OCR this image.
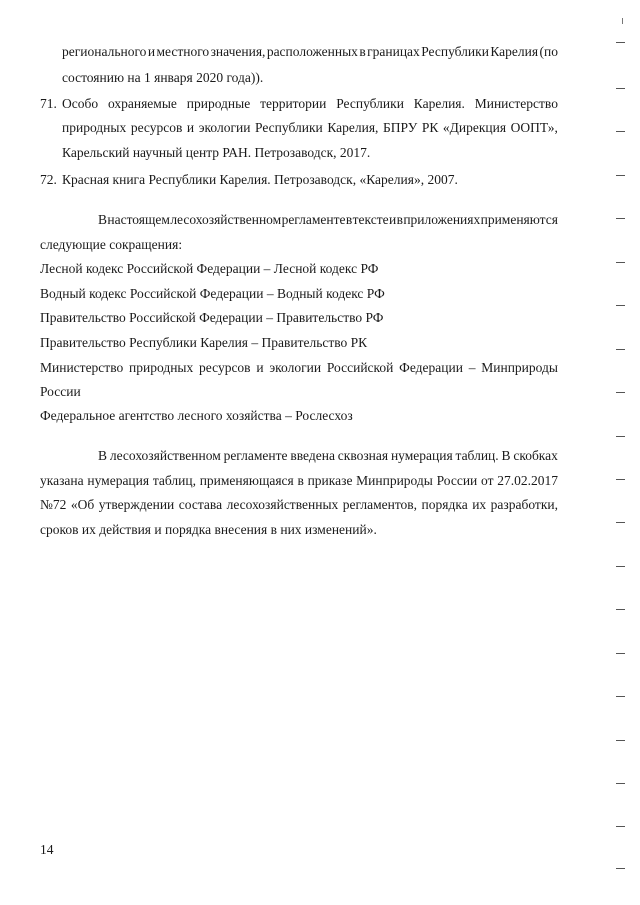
регионального и местного значения, расположенных в границах Республики Карелия (по
состоянию на 1 января 2020 года)).
71. Особо охраняемые природные территории Республики Карелия. Министерство
природных ресурсов и экологии Республики Карелия, БПРУ РК «Дирекция ООПТ»,
Карельский научный центр РАН. Петрозаводск, 2017.
72. Красная книга Республики Карелия. Петрозаводск, «Карелия», 2007.
В настоящем лесохозяйственном регламенте в тексте и в приложениях применяются
следующие сокращения:
Лесной кодекс Российской Федерации – Лесной кодекс РФ
Водный кодекс Российской Федерации – Водный кодекс РФ
Правительство Российской Федерации – Правительство РФ
Правительство Республики Карелия – Правительство РК
Министерство природных ресурсов и экологии Российской Федерации – Минприроды
России
Федеральное агентство лесного хозяйства – Рослесхоз
В лесохозяйственном регламенте введена сквозная нумерация таблиц. В скобках
указана нумерация таблиц, применяющаяся в приказе Минприроды России от 27.02.2017
№72 «Об утверждении состава лесохозяйственных регламентов, порядка их разработки,
сроков их действия и порядка внесения в них изменений».
14
